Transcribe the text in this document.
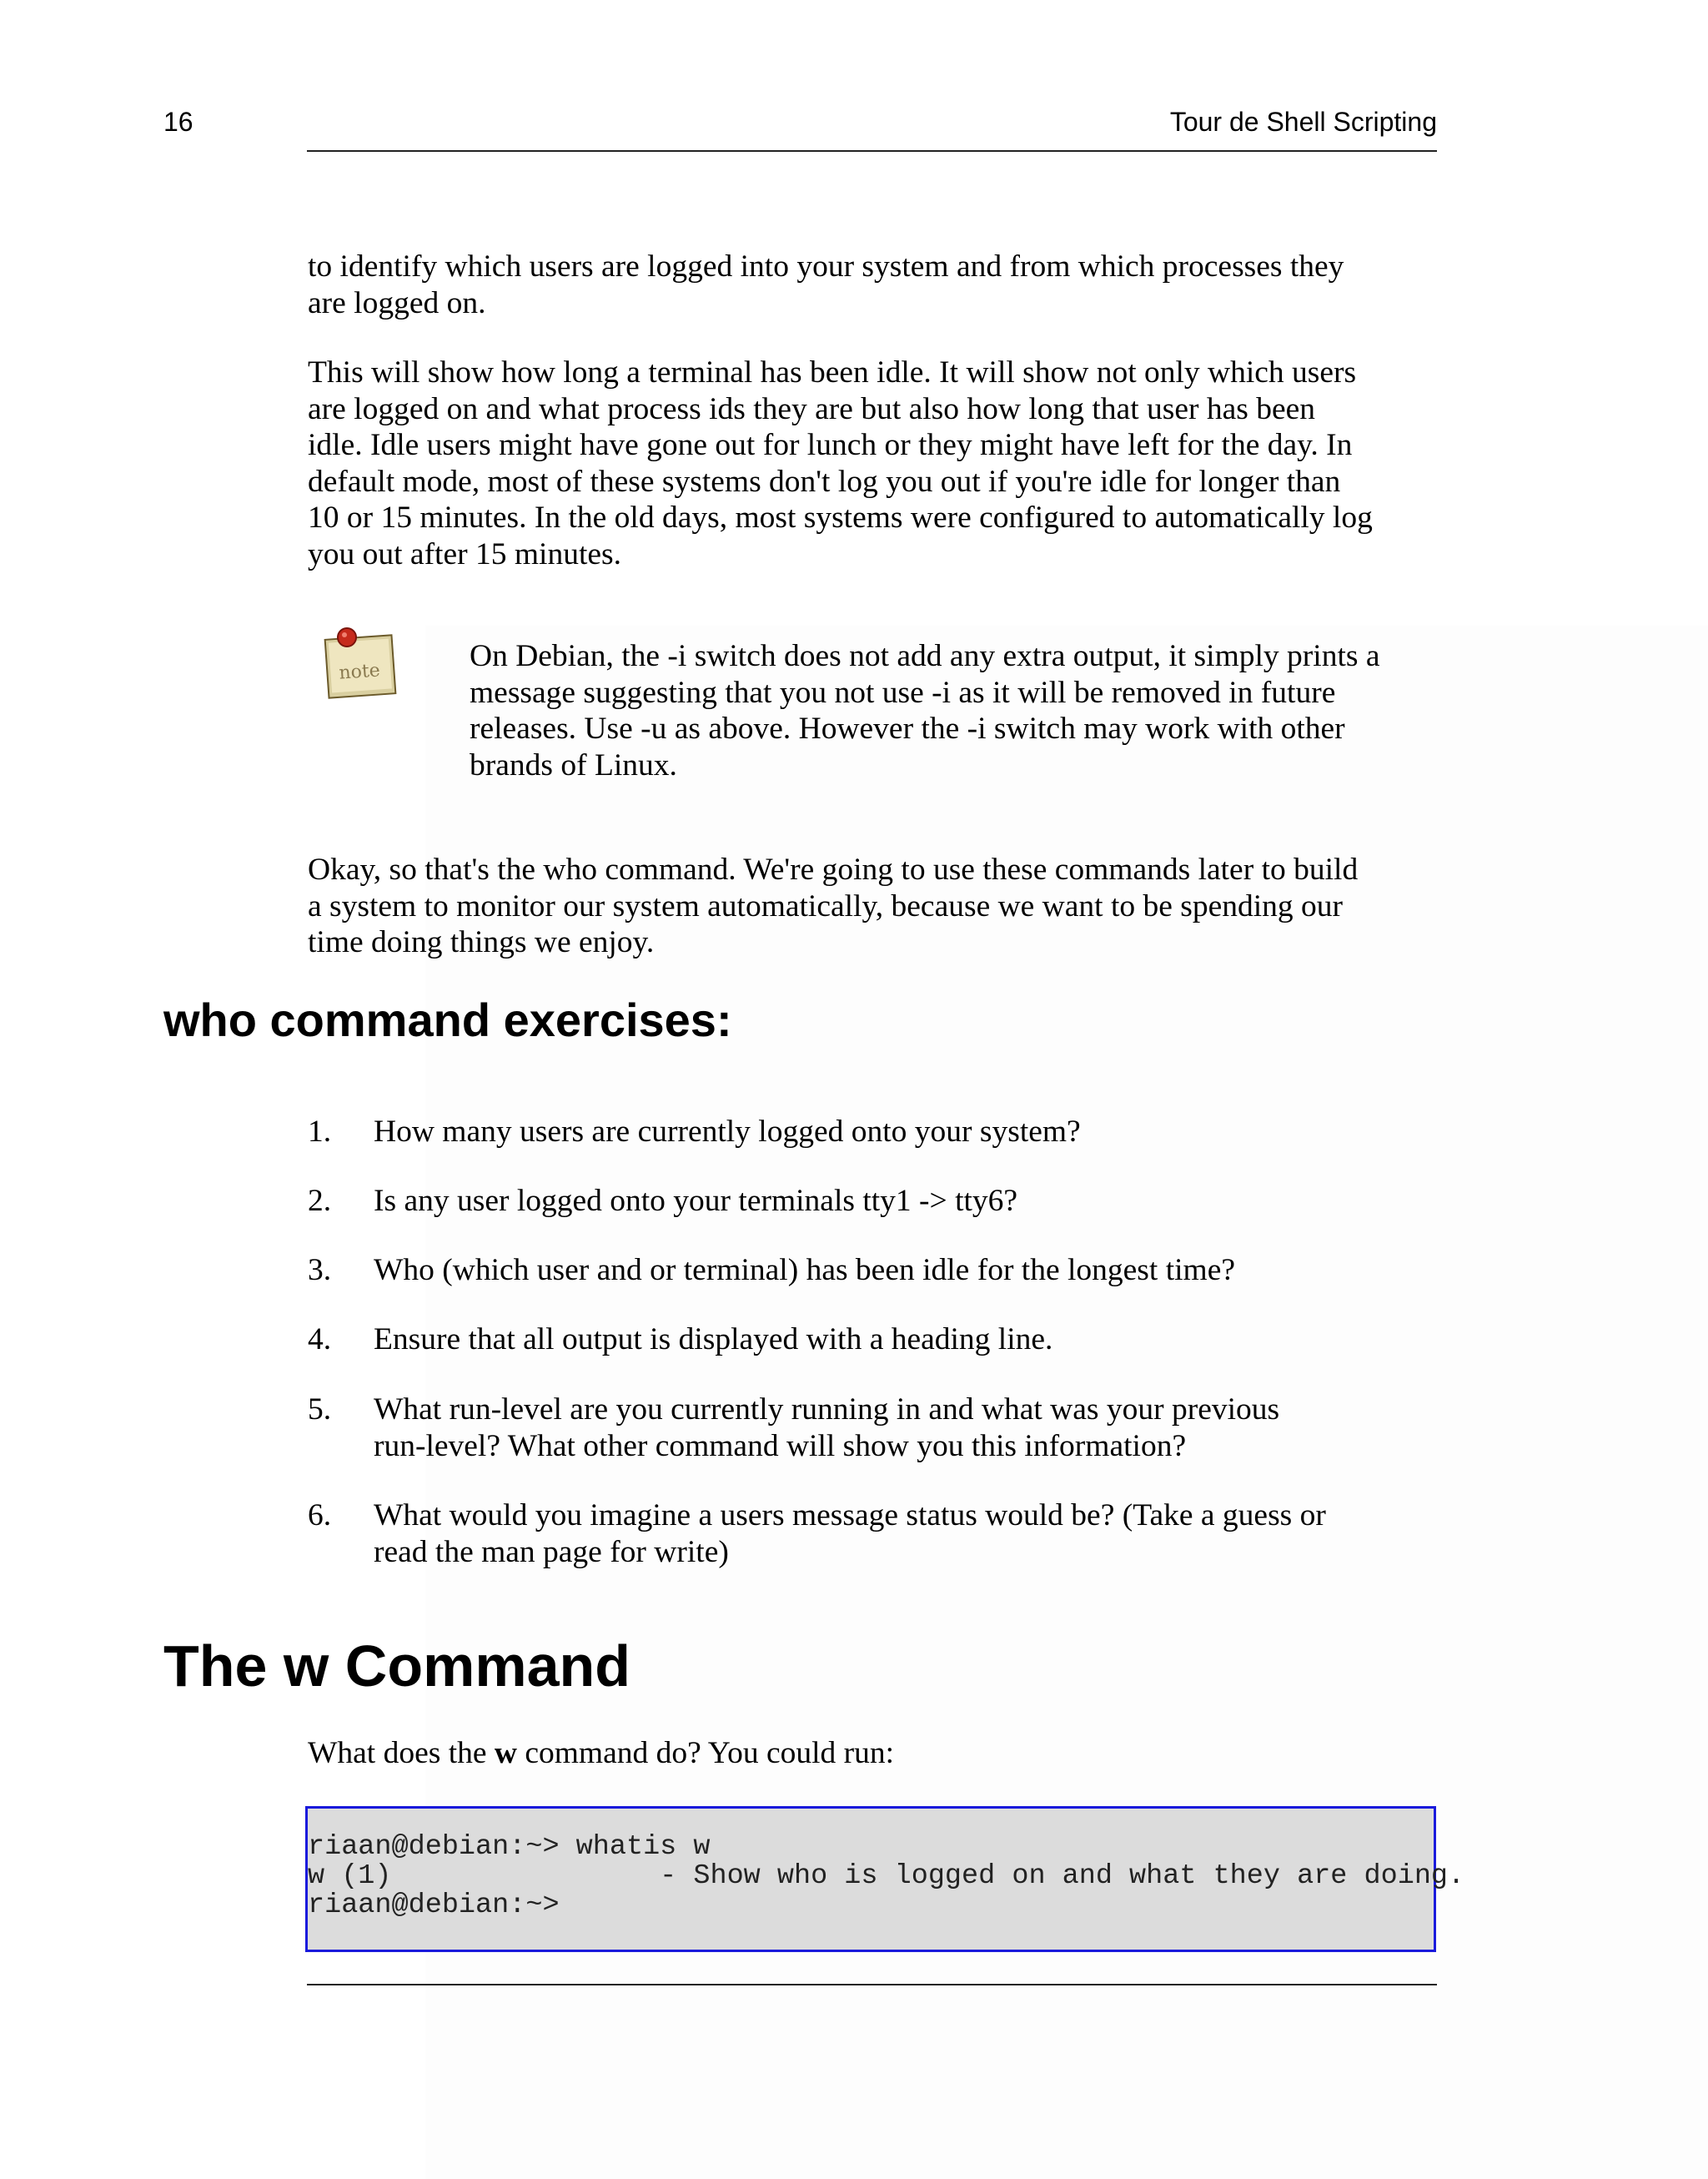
16	Tour de Shell Scripting

to identify which users are logged into your system and from which processes they
are logged on.

This will show how long a terminal has been idle. It will show not only which users
are logged on and what process ids they are but also how long that user has been
idle. Idle users might have gone out for lunch or they might have left for the day. In
default mode, most of these systems don't log you out if you're idle for longer than
10 or 15 minutes. In the old days, most systems were configured to automatically log
you out after 15 minutes.

note	On Debian, the -i switch does not add any extra output, it simply prints a
message suggesting that you not use -i as it will be removed in future
releases. Use -u as above. However the -i switch may work with other
brands of Linux.

Okay, so that's the who command. We're going to use these commands later to build
a system to monitor our system automatically, because we want to be spending our
time doing things we enjoy.

who command exercises:
1. How many users are currently logged onto your system?
2. Is any user logged onto your terminals tty1 -> tty6?
3. Who (which user and or terminal) has been idle for the longest time?
4. Ensure that all output is displayed with a heading line.
5. What run-level are you currently running in and what was your previous
run-level? What other command will show you this information?
6. What would you imagine a users message status would be? (Take a guess or
read the man page for write)
The w Command

What does the w command do? You could run:

riaan@debian:~> whatis w
w (1)                - Show who is logged on and what they are doing.
riaan@debian:~>
